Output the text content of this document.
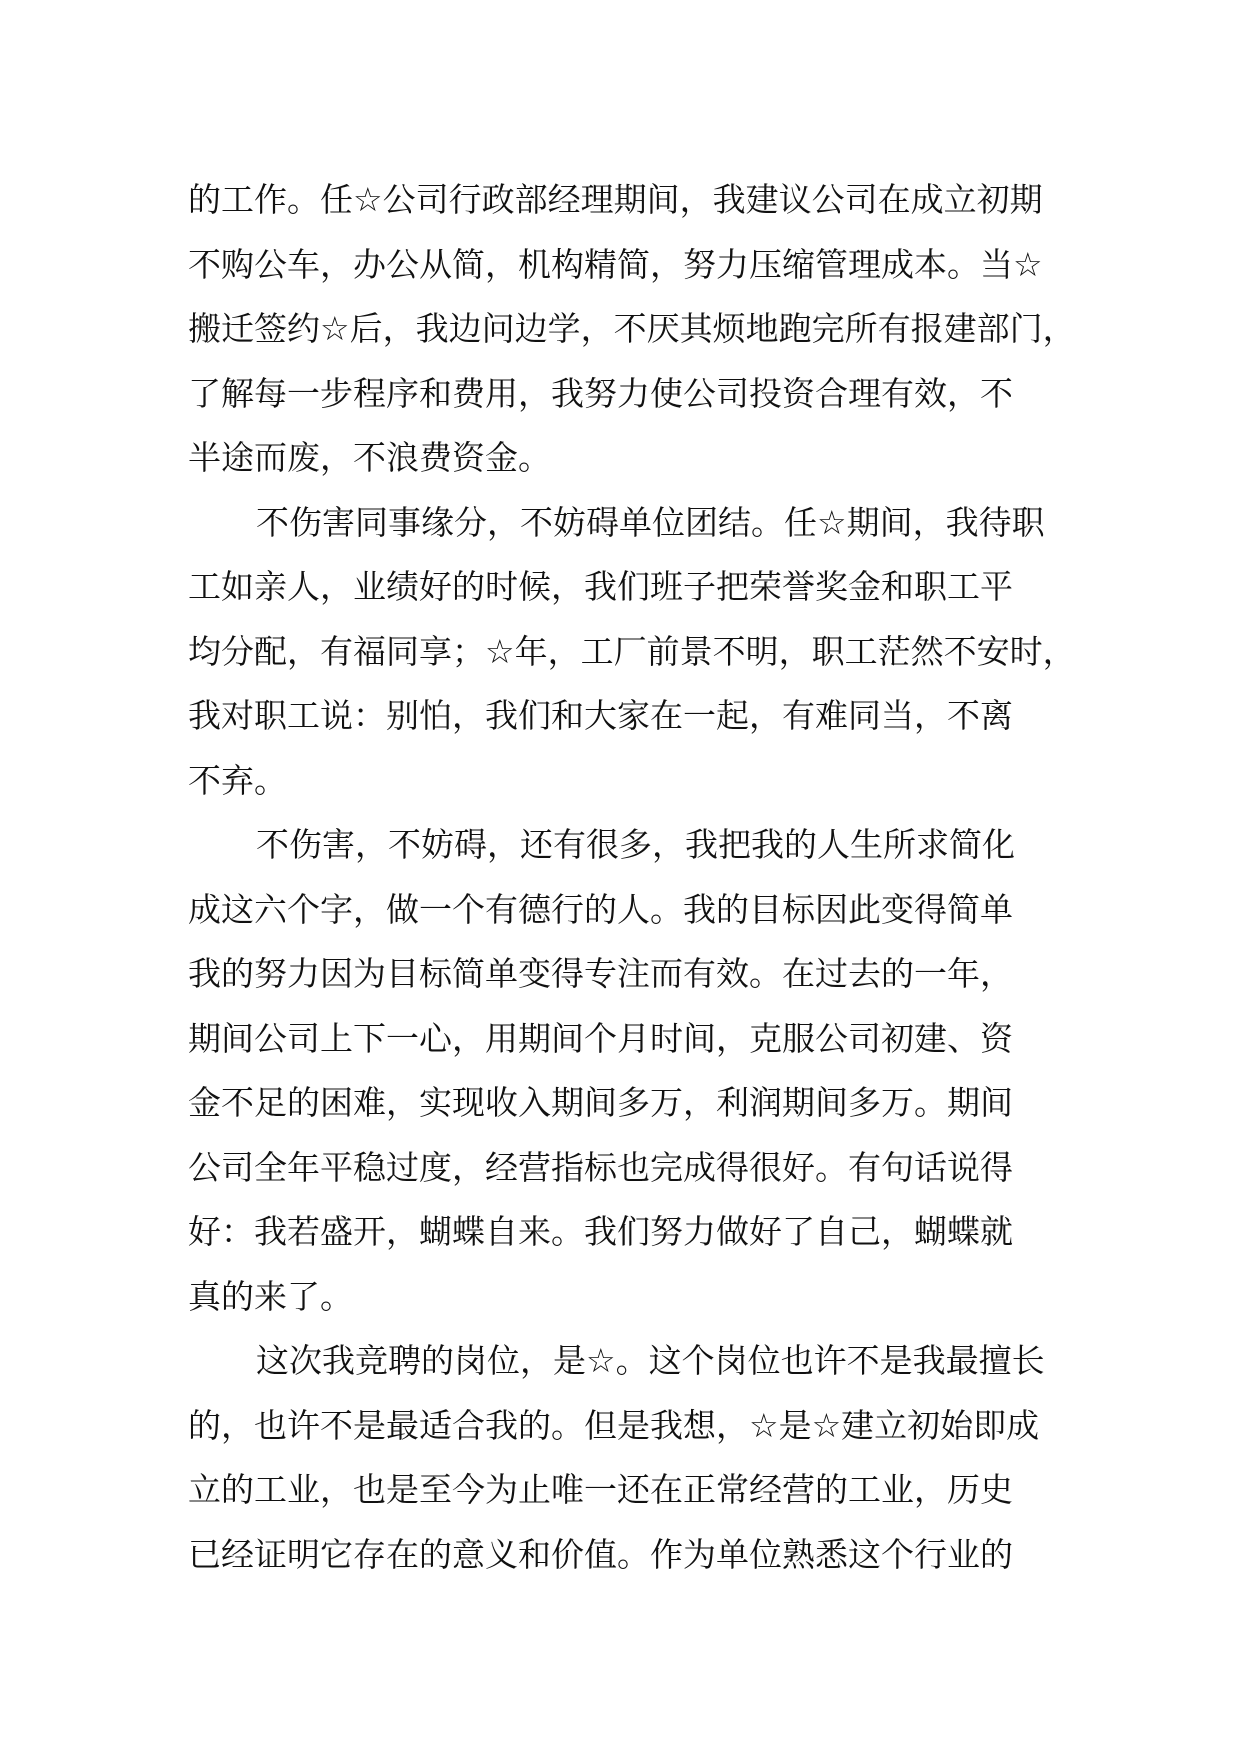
的工作。任☆公司行政部经理期间，我建议公司在成立初期
不购公车，办公从简，机构精简，努力压缩管理成本。当☆
搬迁签约☆后，我边问边学，不厌其烦地跑完所有报建部门，
了解每一步程序和费用，我努力使公司投资合理有效，不
半途而废，不浪费资金。
不伤害同事缘分，不妨碍单位团结。任☆期间，我待职
工如亲人，业绩好的时候，我们班子把荣誉奖金和职工平
均分配，有福同享；☆年，工厂前景不明，职工茫然不安时，
我对职工说：别怕，我们和大家在一起，有难同当，不离
不弃。
不伤害，不妨碍，还有很多，我把我的人生所求简化
成这六个字，做一个有德行的人。我的目标因此变得简单
我的努力因为目标简单变得专注而有效。在过去的一年，
期间公司上下一心，用期间个月时间，克服公司初建、资
金不足的困难，实现收入期间多万，利润期间多万。期间
公司全年平稳过度，经营指标也完成得很好。有句话说得
好：我若盛开，蝴蝶自来。我们努力做好了自己，蝴蝶就
真的来了。
这次我竞聘的岗位，是☆。这个岗位也许不是我最擅长
的，也许不是最适合我的。但是我想，☆是☆建立初始即成
立的工业，也是至今为止唯一还在正常经营的工业，历史
已经证明它存在的意义和价值。作为单位熟悉这个行业的
